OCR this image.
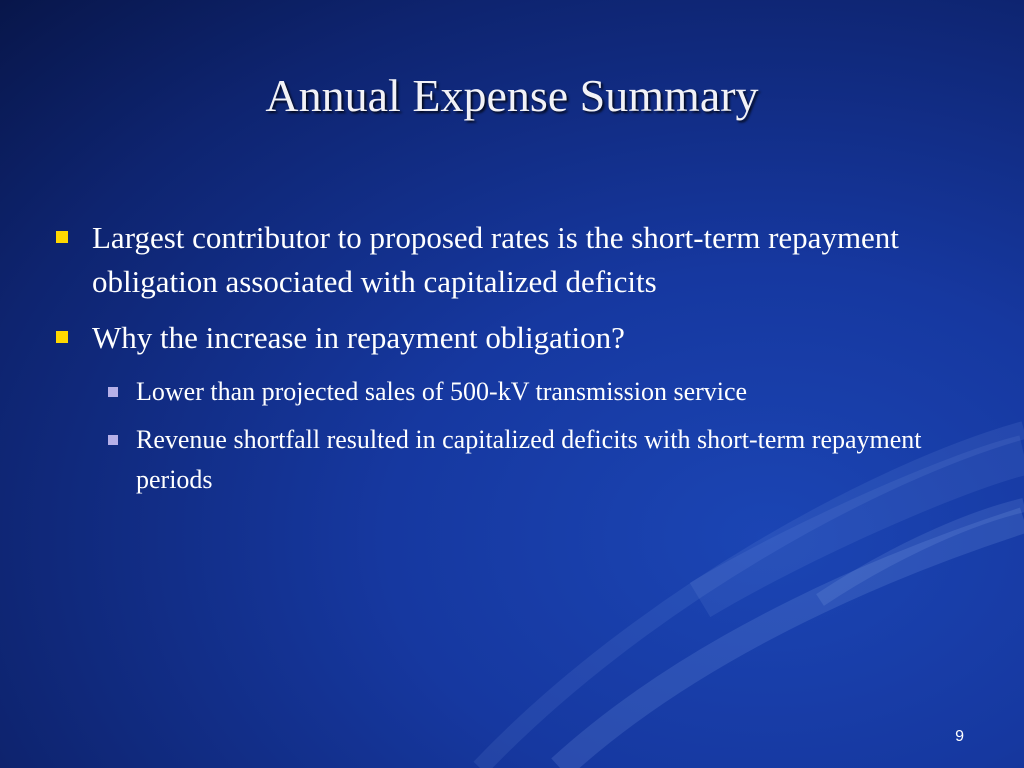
Annual Expense Summary
Largest contributor to proposed rates is the short-term repayment obligation associated with capitalized deficits
Why the increase in repayment obligation?
Lower than projected sales of 500-kV transmission service
Revenue shortfall resulted in capitalized deficits with short-term repayment periods
9
